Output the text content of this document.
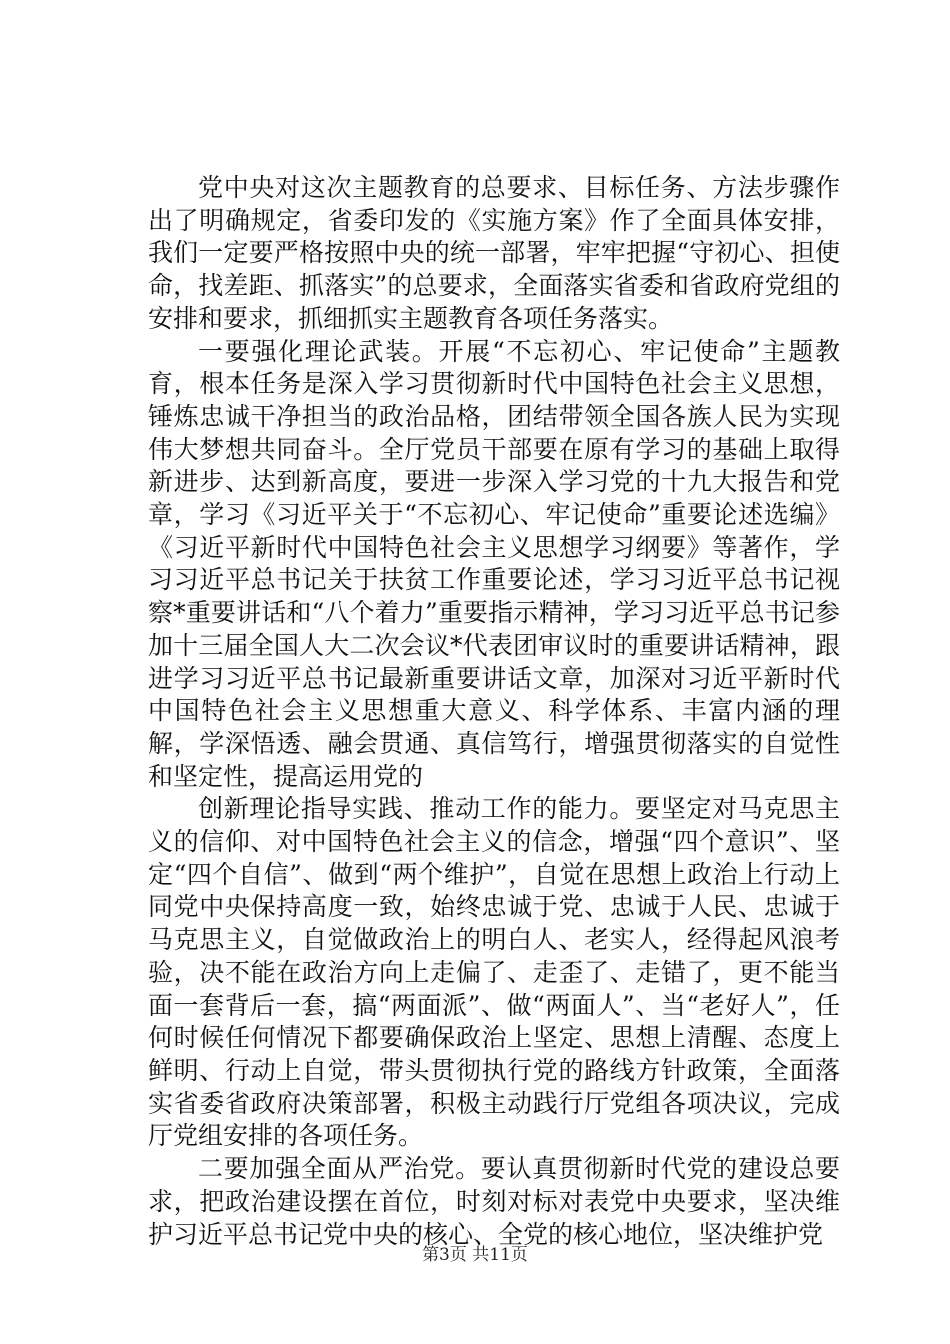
党中央对这次主题教育的总要求、目标任务、方法步骤作出了明确规定，省委印发的《实施方案》作了全面具体安排，我们一定要严格按照中央的统一部署，牢牢把握“守初心、担使命，找差距、抓落实”的总要求，全面落实省委和省政府党组的安排和要求，抓细抓实主题教育各项任务落实。

一要强化理论武装。开展“不忘初心、牢记使命”主题教育，根本任务是深入学习贯彻新时代中国特色社会主义思想，锤炼忠诚干净担当的政治品格，团结带领全国各族人民为实现伟大梦想共同奋斗。全厅党员干部要在原有学习的基础上取得新进步、达到新高度，要进一步深入学习党的十九大报告和党章，学习《习近平关于“不忘初心、牢记使命”重要论述选编》《习近平新时代中国特色社会主义思想学习纲要》等著作，学习习近平总书记关于扶贫工作重要论述，学习习近平总书记视察*重要讲话和“八个着力”重要指示精神，学习习近平总书记参加十三届全国人大二次会议*代表团审议时的重要讲话精神，跟进学习习近平总书记最新重要讲话文章，加深对习近平新时代中国特色社会主义思想重大意义、科学体系、丰富内涵的理解，学深悟透、融会贯通、真信笃行，增强贯彻落实的自觉性和坚定性，提高运用党的

创新理论指导实践、推动工作的能力。要坚定对马克思主义的信仰、对中国特色社会主义的信念，增强“四个意识”、坚定“四个自信”、做到“两个维护”，自觉在思想上政治上行动上同党中央保持高度一致，始终忠诚于党、忠诚于人民、忠诚于马克思主义，自觉做政治上的明白人、老实人，经得起风浪考验，决不能在政治方向上走偏了、走歪了、走错了，更不能当面一套背后一套，搞“两面派”、做“两面人”、当“老好人”，任何时候任何情况下都要确保政治上坚定、思想上清醒、态度上鲜明、行动上自觉，带头贯彻执行党的路线方针政策，全面落实省委省政府决策部署，积极主动践行厅党组各项决议，完成厅党组安排的各项任务。

二要加强全面从严治党。要认真贯彻新时代党的建设总要求，把政治建设摆在首位，时刻对标对表党中央要求，坚决维护习近平总书记党中央的核心、全党的核心地位，坚决维护党

第3页 共11页
